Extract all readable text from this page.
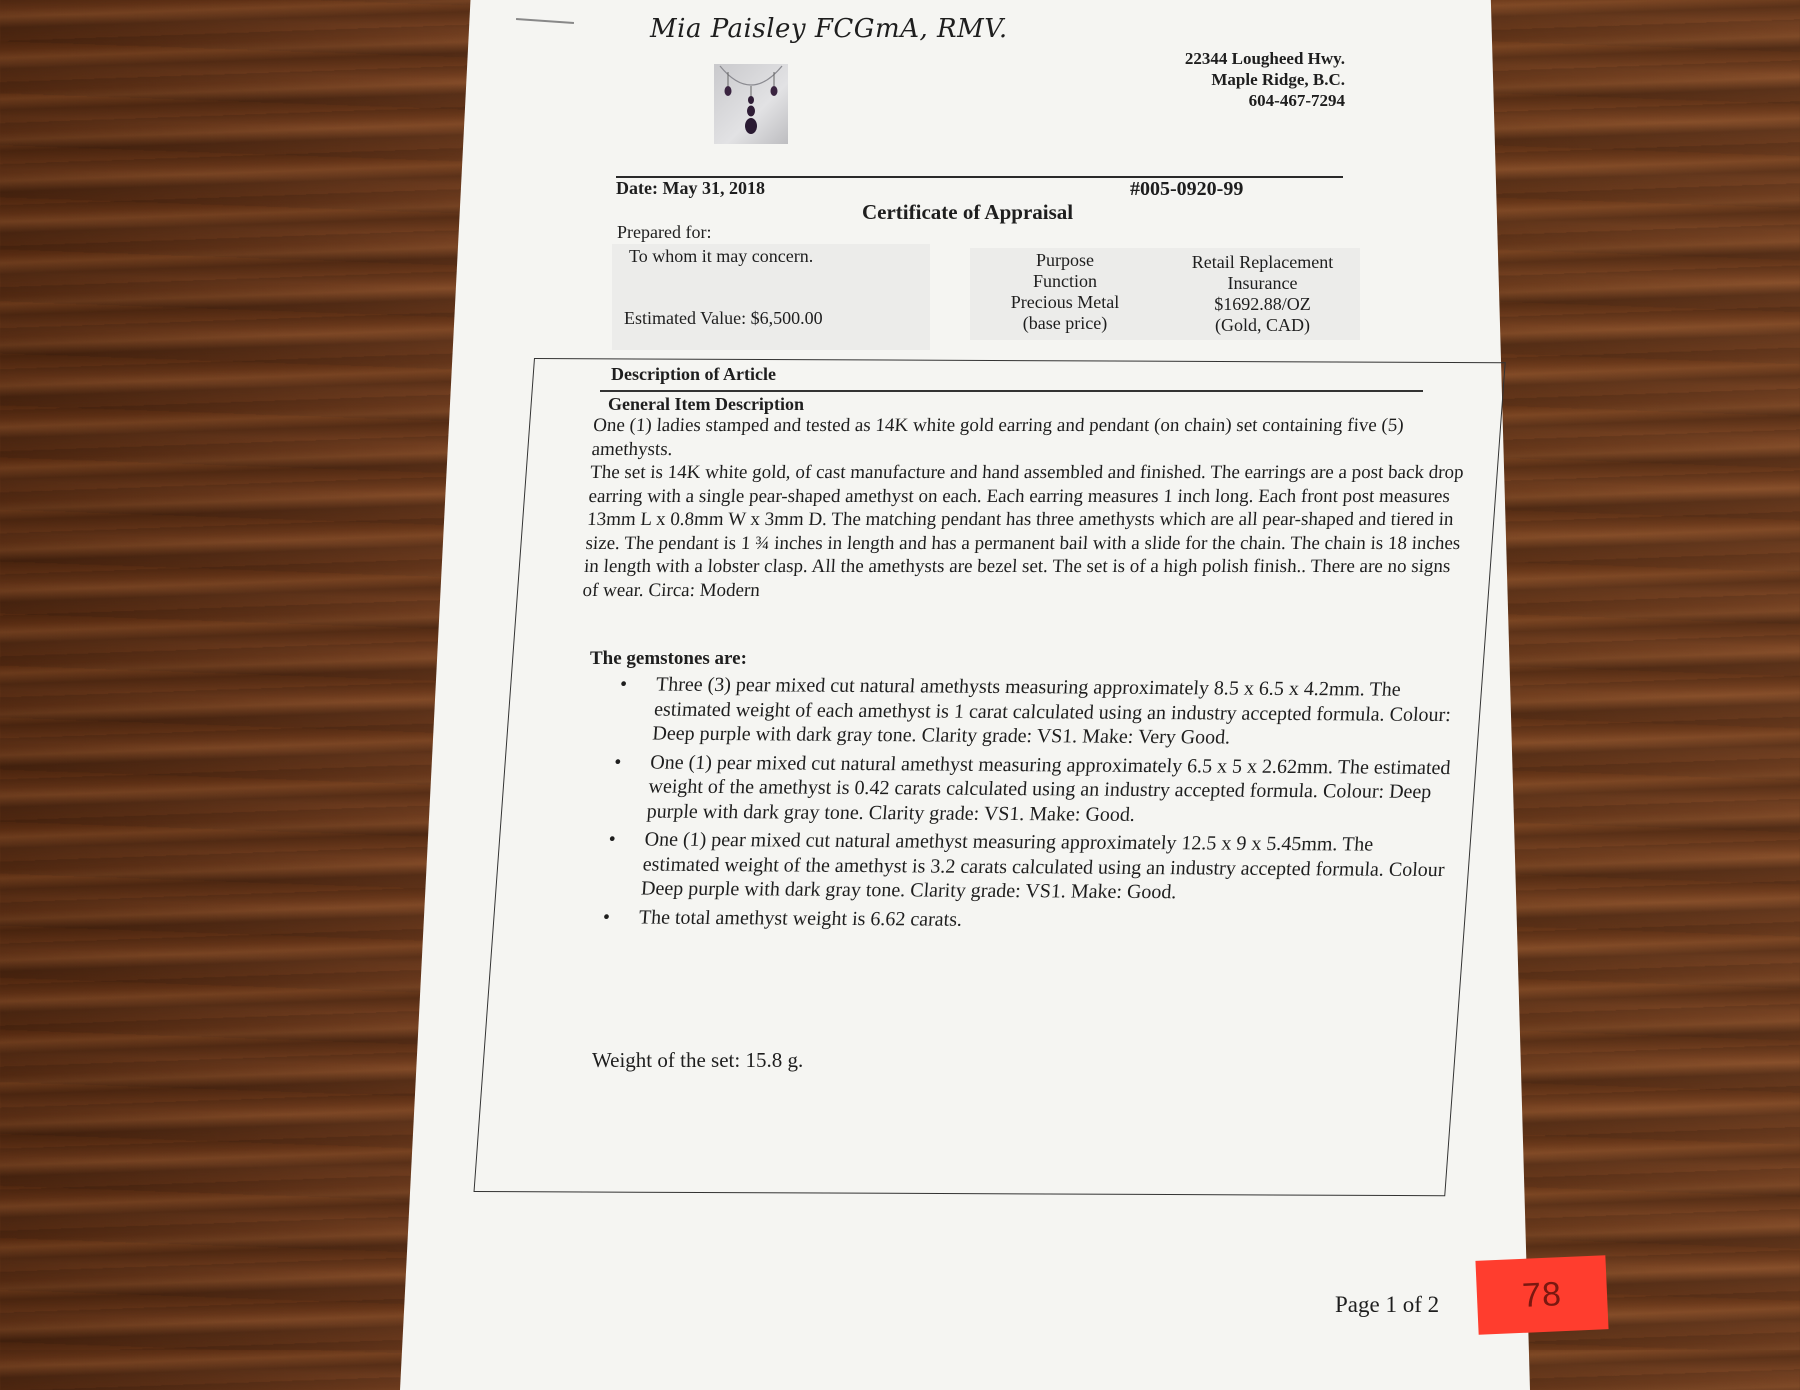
Mia Paisley FCGmA, RMV.
22344 Lougheed Hwy.
Maple Ridge, B.C.
604-467-7294
Date: May 31, 2018	#005-0920-99
Certificate of Appraisal
Prepared for:
To whom it may concern.
Estimated Value: $6,500.00
Purpose
Function
Precious Metal
(base price)
Retail Replacement
Insurance
$1692.88/OZ
(Gold, CAD)
Description of Article
General Item Description

One (1) ladies stamped and tested as 14K white gold earring and pendant (on chain) set containing five (5) amethysts.

The set is 14K white gold, of cast manufacture and hand assembled and finished. The earrings are a post back drop earring with a single pear-shaped amethyst on each. Each earring measures 1 inch long. Each front post measures 13mm L x 0.8mm W x 3mm D. The matching pendant has three amethysts which are all pear-shaped and tiered in size. The pendant is 1 ¾ inches in length and has a permanent bail with a slide for the chain. The chain is 18 inches in length with a lobster clasp. All the amethysts are bezel set. The set is of a high polish finish.. There are no signs of wear. Circa: Modern

The gemstones are:
• Three (3) pear mixed cut natural amethysts measuring approximately 8.5 x 6.5 x 4.2mm. The estimated weight of each amethyst is 1 carat calculated using an industry accepted formula. Colour: Deep purple with dark gray tone. Clarity grade: VS1. Make: Very Good.
• One (1) pear mixed cut natural amethyst measuring approximately 6.5 x 5 x 2.62mm. The estimated weight of the amethyst is 0.42 carats calculated using an industry accepted formula. Colour: Deep purple with dark gray tone. Clarity grade: VS1. Make: Good.
• One (1) pear mixed cut natural amethyst measuring approximately 12.5 x 9 x 5.45mm. The estimated weight of the amethyst is 3.2 carats calculated using an industry accepted formula. Colour Deep purple with dark gray tone. Clarity grade: VS1. Make: Good.
• The total amethyst weight is 6.62 carats.
Weight of the set: 15.8 g.
Page 1 of 2 78
